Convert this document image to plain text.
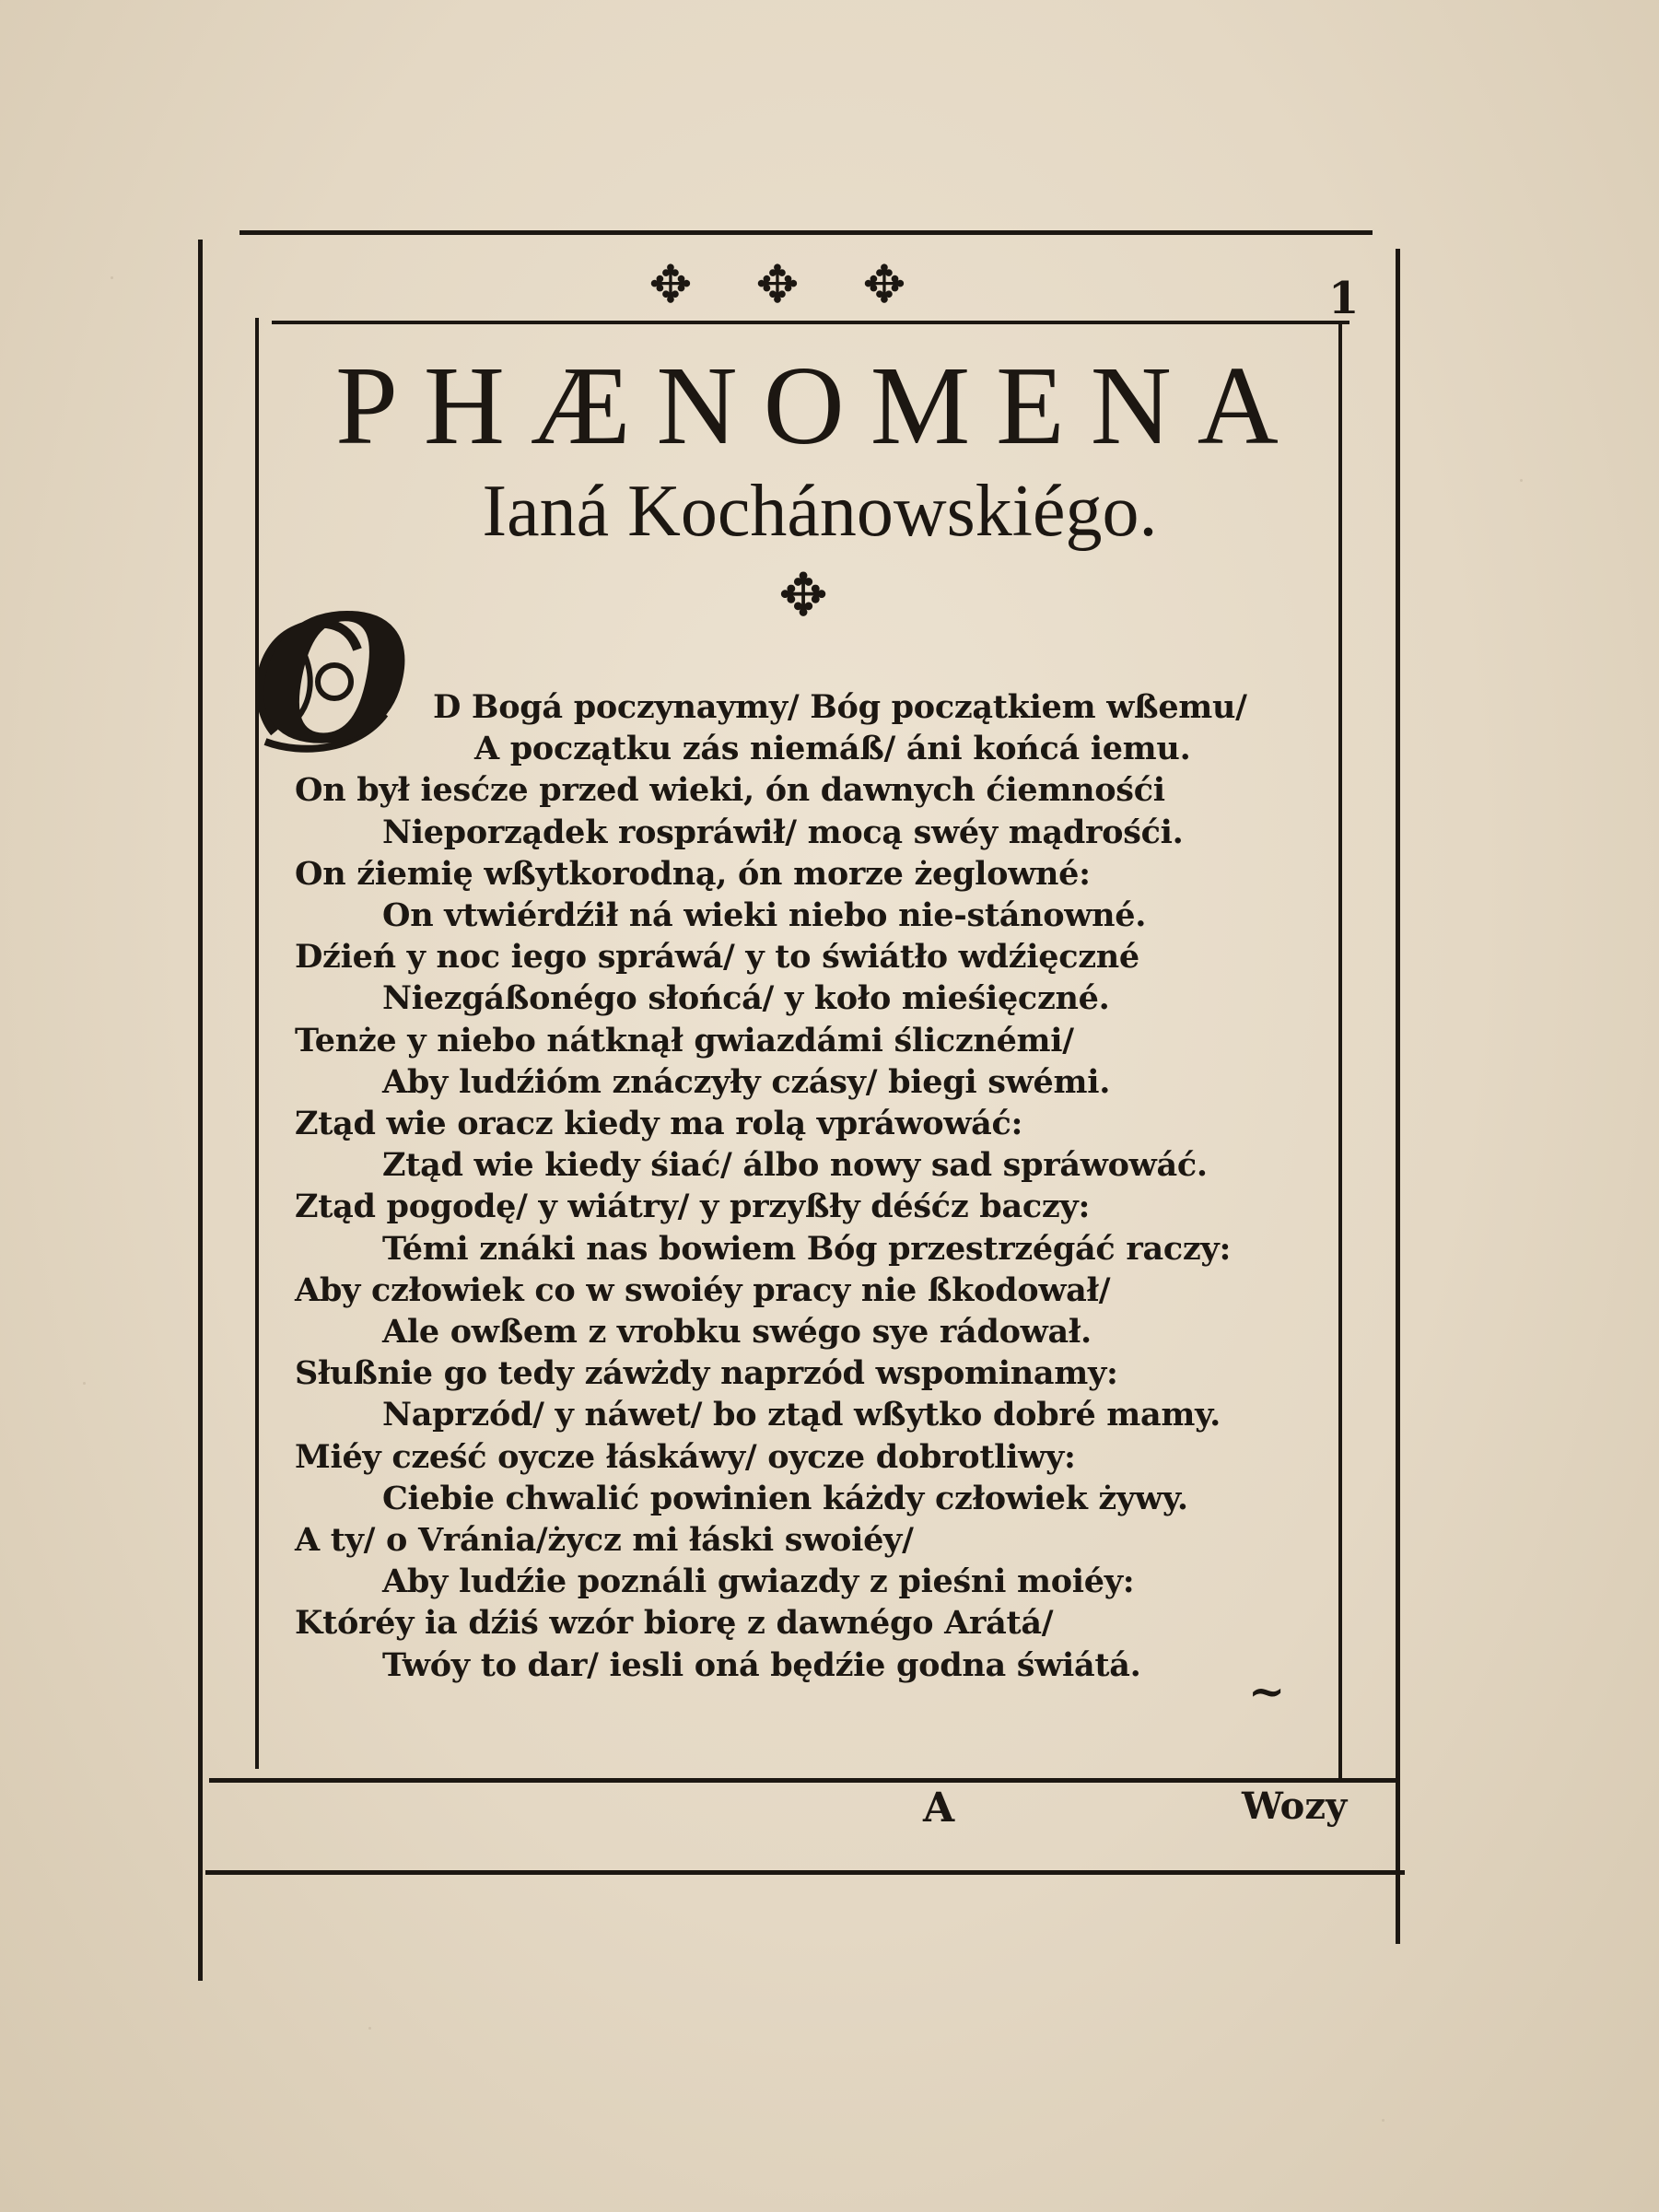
✥ ✥ ✥	1
PHÆNOMENA
Ianá Kochánowskiégo.
✥
O D Bogá poczynaymy/ Bóg początkiem wßemu/
A początku zás niemáß/ áni końcá iemu.
On był iesćze przed wieki, ón dawnych ćiemnośći
Nieporządek rospráwił/ mocą swéy mądrośći.
On źiemię wßytkorodną, ón morze żeglowné:
On vtwiérdźił ná wieki niebo nie-stánowné.
Dźień y noc iego spráwá/ y to świátło wdźięczné
Niezgáßonégo słońcá/ y koło mieśięczné.
Tenże y niebo nátknął gwiazdámi ślicznémi/
Aby ludźióm znáczyły czásy/ biegi swémi.
Ztąd wie oracz kiedy ma rolą vpráwowáć:
Ztąd wie kiedy śiać/ álbo nowy sad spráwowáć.
Ztąd pogodę/ y wiátry/ y przyßły déśćz baczy:
Témi znáki nas bowiem Bóg przestrzégáć raczy:
Aby człowiek co w swoiéy pracy nie ßkodował/
Ale owßem z vrobku swégo sye rádował.
Słußnie go tedy záwżdy naprzód wspominamy:
Naprzód/ y náwet/ bo ztąd wßytko dobré mamy.
Miéy cześć oycze łáskáwy/ oycze dobrotliwy:
Ciebie chwalić powinien káżdy człowiek żywy.
A ty/ o Vránia/życz mi łáski swoiéy/
Aby ludźie poználi gwiazdy z pieśni moiéy:
Któréy ia dźiś wzór biorę z dawnégo Arátá/
Twóy to dar/ iesli oná będźie godna świátá.
~
A	Wozy
